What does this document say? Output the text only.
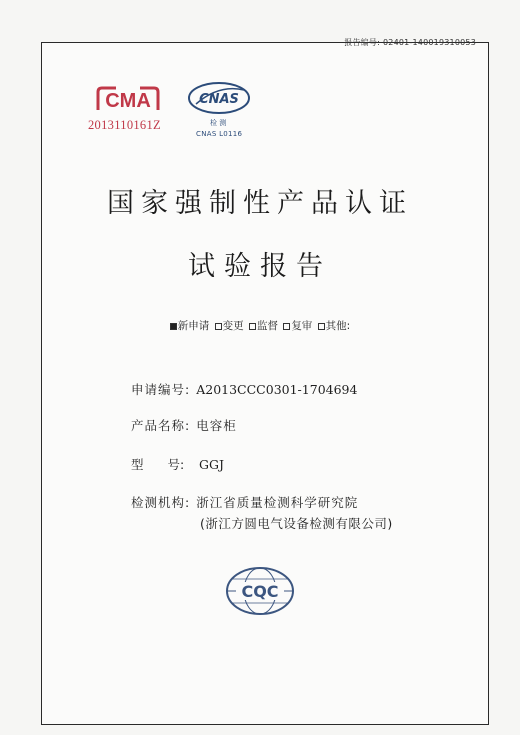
报告编号: 02401-140019310053
CMA
2013110161Z
CNAS
检 测
CNAS L0116
国家强制性产品认证
试验报告
新申请 变更 监督 复审 其他:
申请编号: A2013CCC0301-1704694
产品名称: 电容柜
型 号: GGJ
检测机构: 浙江省质量检测科学研究院
(浙江方圆电气设备检测有限公司)
CQC
